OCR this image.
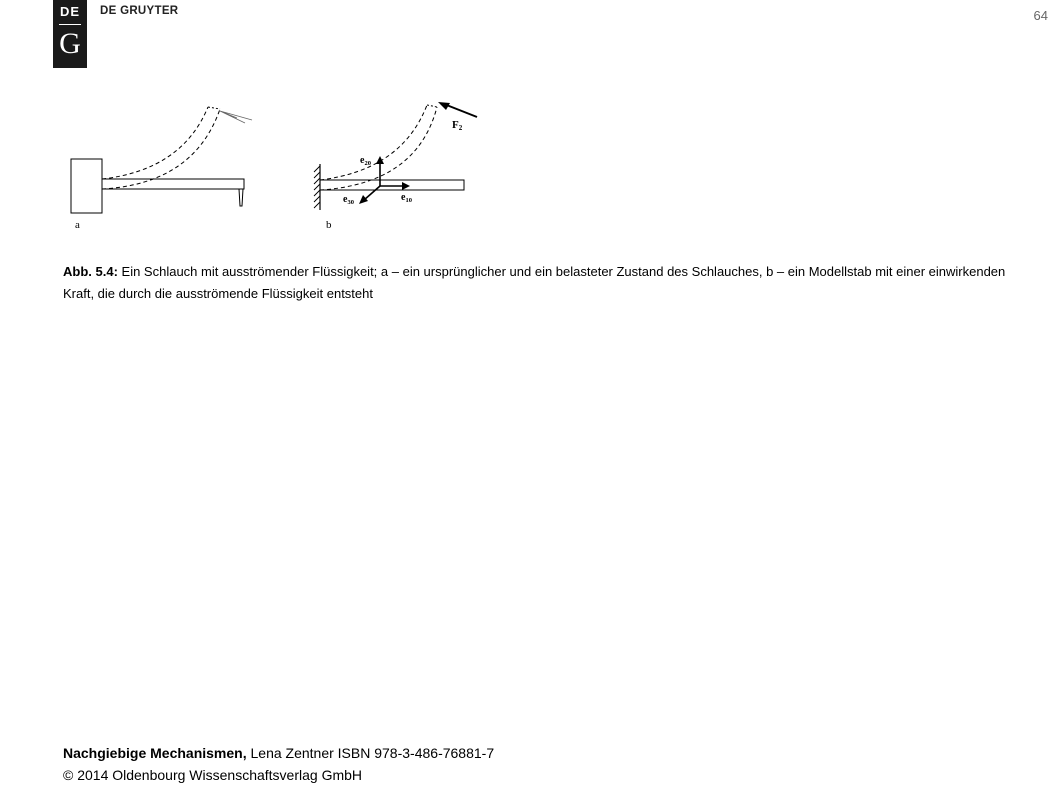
DE
G
DE GRUYTER	64
a
F2
$e_{20}$
$e_{10}$
$e_{30}$
b
Abb. 5.4: Ein Schlauch mit ausströmender Flüssigkeit; a – ein ursprünglicher und ein belasteter Zustand des Schlauches, b – ein Modellstab mit einer einwirkenden Kraft, die durch die ausströmende Flüssigkeit entsteht
Nachgiebige Mechanismen, Lena Zentner ISBN 978-3-486-76881-7
© 2014 Oldenbourg Wissenschaftsverlag GmbH
